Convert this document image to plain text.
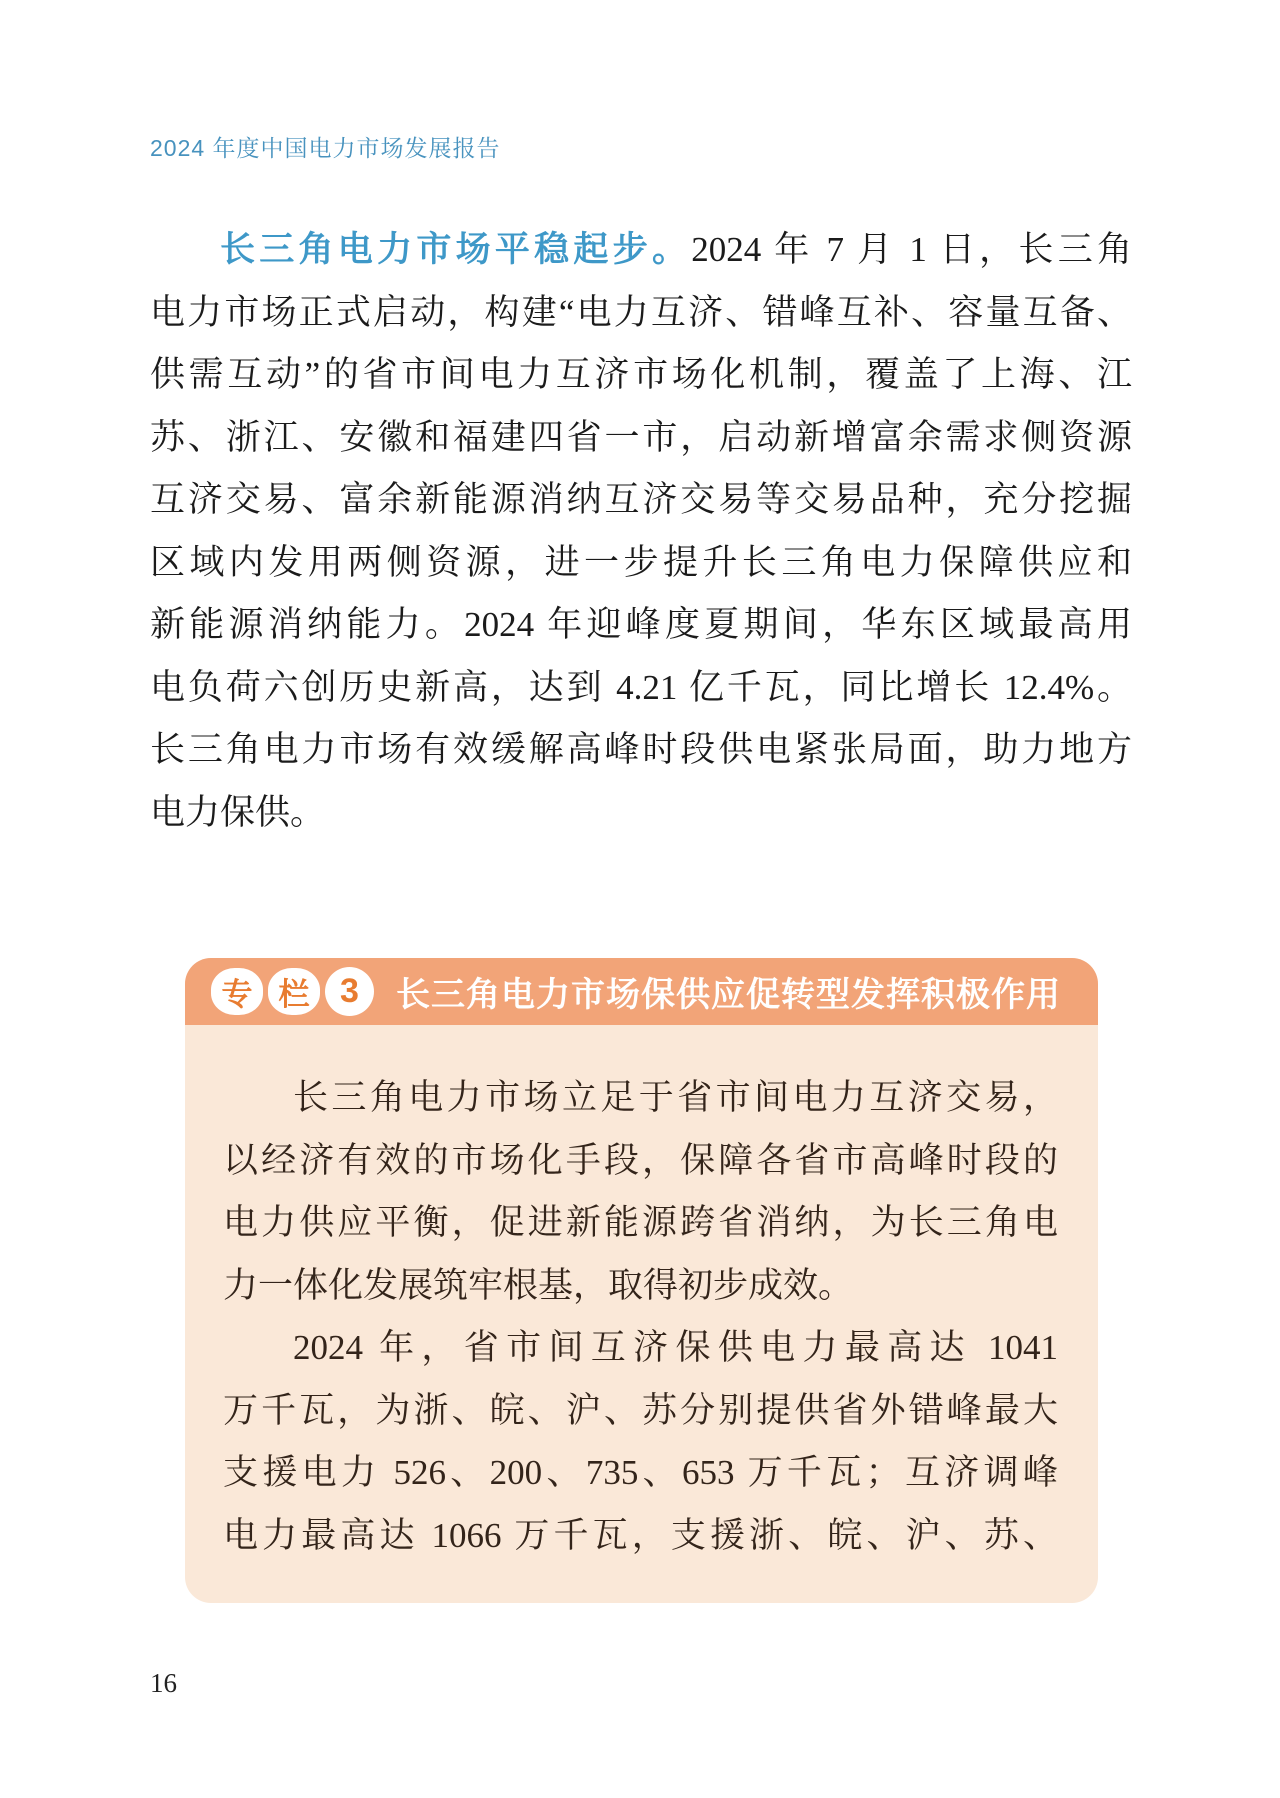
2024 年度中国电力市场发展报告
长三角电力市场平稳起步。2024 年 7 月 1 日，长三角
电力市场正式启动，构建“电力互济、错峰互补、容量互备、
供需互动”的省市间电力互济市场化机制，覆盖了上海、江
苏、浙江、安徽和福建四省一市，启动新增富余需求侧资源
互济交易、富余新能源消纳互济交易等交易品种，充分挖掘
区域内发用两侧资源，进一步提升长三角电力保障供应和
新能源消纳能力。2024 年迎峰度夏期间，华东区域最高用
电负荷六创历史新高，达到 4.21 亿千瓦，同比增长 12.4%。
长三角电力市场有效缓解高峰时段供电紧张局面，助力地方
电力保供。
专 栏 3	长三角电力市场保供应促转型发挥积极作用
长三角电力市场立足于省市间电力互济交易，
以经济有效的市场化手段，保障各省市高峰时段的
电力供应平衡，促进新能源跨省消纳，为长三角电
力一体化发展筑牢根基，取得初步成效。
2024 年，省市间互济保供电力最高达 1041
万千瓦，为浙、皖、沪、苏分别提供省外错峰最大
支援电力 526、200、735、653 万千瓦；互济调峰
电力最高达 1066 万千瓦，支援浙、皖、沪、苏、
16
